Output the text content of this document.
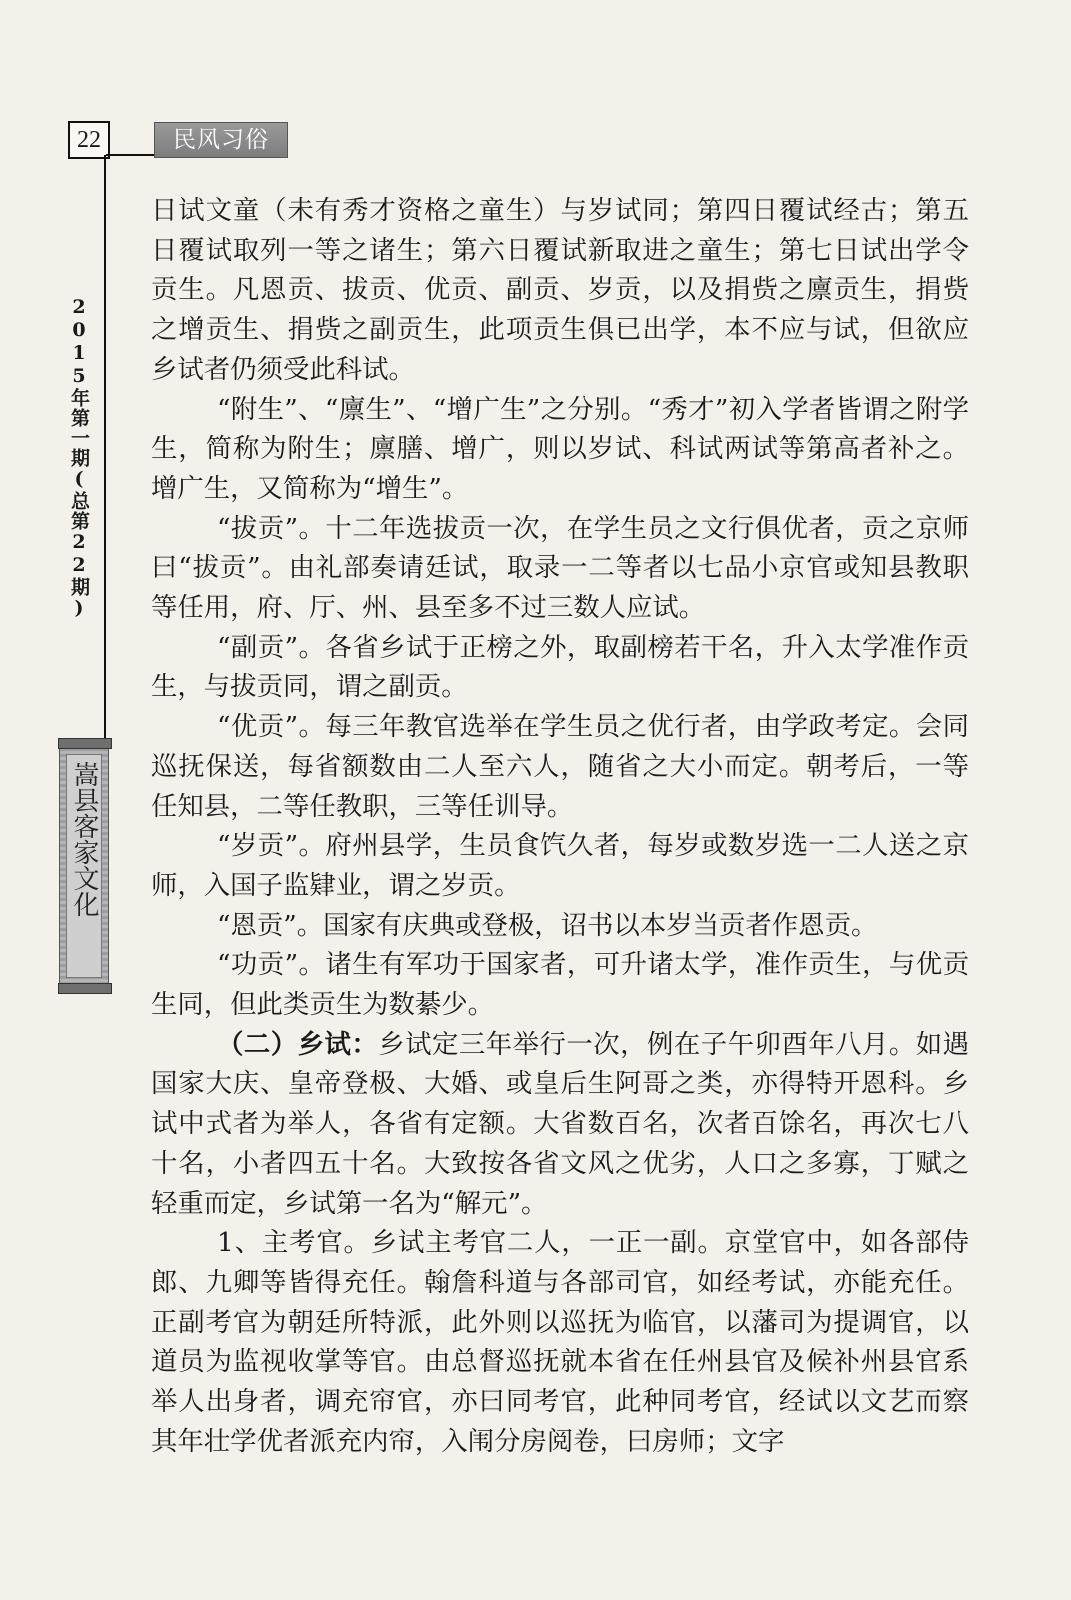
22	民风习俗
2015年第一期(总第22期)
嵩县客家文化

日试文童（未有秀才资格之童生）与岁试同；第四日覆试经古；第五日覆试取列一等之诸生；第六日覆试新取进之童生；第七日试出学令贡生。凡恩贡、拔贡、优贡、副贡、岁贡，以及捐赀之廪贡生，捐赀之增贡生、捐赀之副贡生，此项贡生俱已出学，本不应与试，但欲应乡试者仍须受此科试。

“附生”、“廪生”、“增广生”之分别。“秀才”初入学者皆谓之附学生，简称为附生；廪膳、增广，则以岁试、科试两试等第高者补之。增广生，又简称为“增生”。

“拔贡”。十二年选拔贡一次，在学生员之文行俱优者，贡之京师曰“拔贡”。由礼部奏请廷试，取录一二等者以七品小京官或知县教职等任用，府、厅、州、县至多不过三数人应试。

“副贡”。各省乡试于正榜之外，取副榜若干名，升入太学准作贡生，与拔贡同，谓之副贡。

“优贡”。每三年教官选举在学生员之优行者，由学政考定。会同巡抚保送，每省额数由二人至六人，随省之大小而定。朝考后，一等任知县，二等任教职，三等任训导。

“岁贡”。府州县学，生员食饩久者，每岁或数岁选一二人送之京师，入国子监肄业，谓之岁贡。

“恩贡”。国家有庆典或登极，诏书以本岁当贡者作恩贡。

“功贡”。诸生有军功于国家者，可升诸太学，准作贡生，与优贡生同，但此类贡生为数綦少。

（二）乡试：乡试定三年举行一次，例在子午卯酉年八月。如遇国家大庆、皇帝登极、大婚、或皇后生阿哥之类，亦得特开恩科。乡试中式者为举人，各省有定额。大省数百名，次者百馀名，再次七八十名，小者四五十名。大致按各省文风之优劣，人口之多寡，丁赋之轻重而定，乡试第一名为“解元”。

1、主考官。乡试主考官二人，一正一副。京堂官中，如各部侍郎、九卿等皆得充任。翰詹科道与各部司官，如经考试，亦能充任。正副考官为朝廷所特派，此外则以巡抚为临官，以藩司为提调官，以道员为监视收掌等官。由总督巡抚就本省在任州县官及候补州县官系举人出身者，调充帘官，亦曰同考官，此种同考官，经试以文艺而察其年壮学优者派充内帘，入闱分房阅卷，曰房师；文字
